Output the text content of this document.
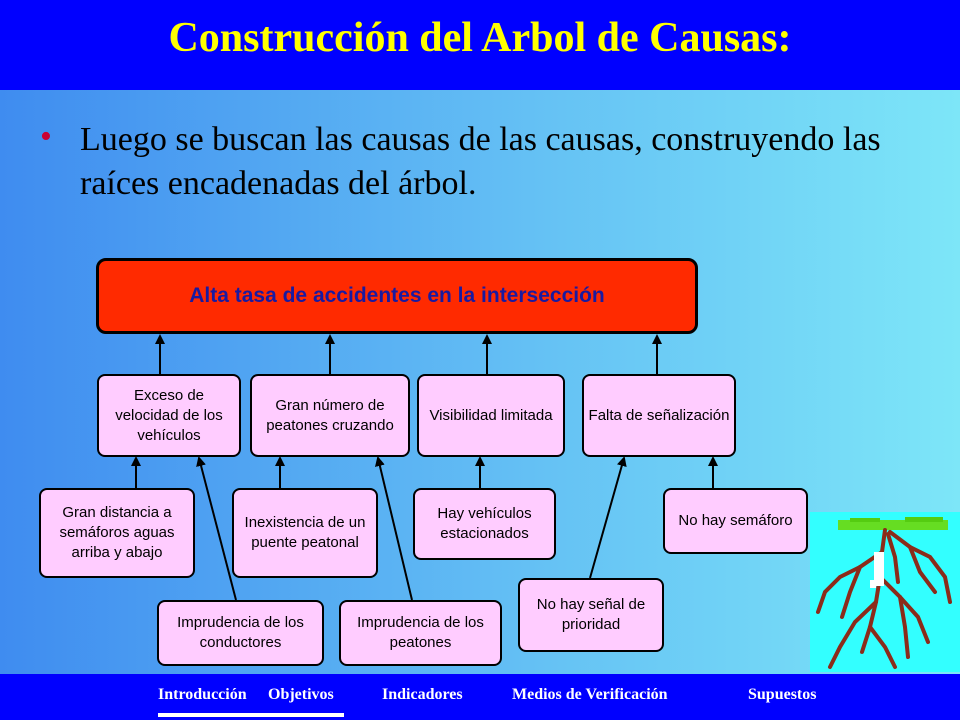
Construcción del Arbol de Causas:
• Luego se buscan las causas de las causas, construyendo las raíces encadenadas del árbol.
Alta tasa de accidentes en la intersección
Exceso de velocidad de los vehículos
Gran número de peatones cruzando
Visibilidad limitada	Falta de señalización
Gran distancia a semáforos aguas arriba y abajo
Imprudencia de los conductores
Inexistencia de un puente peatonal
Imprudencia de los peatones
Hay vehículos estacionados
No hay señal de prioridad
No hay semáforo
Introducción Objetivos	Indicadores	Medios de Verificación	Supuestos
